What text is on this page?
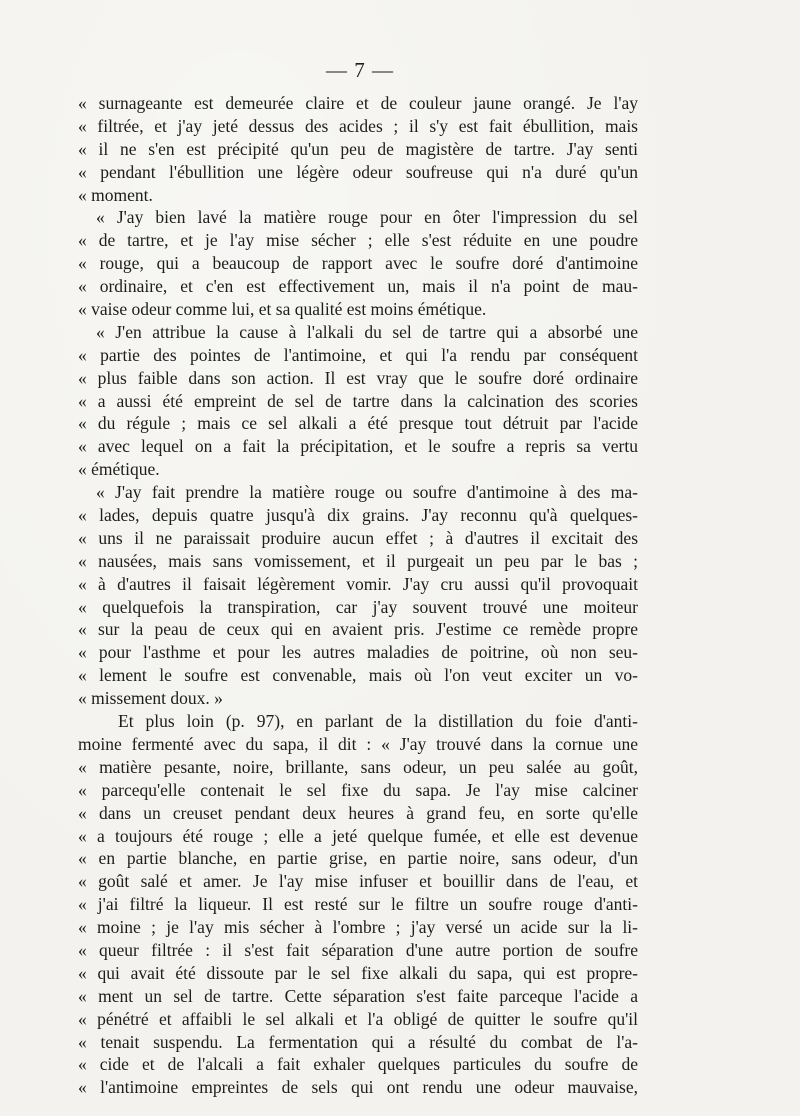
— 7 —
« surnageante est demeurée claire et de couleur jaune orangé. Je l'ay
« filtrée, et j'ay jeté dessus des acides ; il s'y est fait ébullition, mais
« il ne s'en est précipité qu'un peu de magistère de tartre. J'ay senti
« pendant l'ébullition une légère odeur soufreuse qui n'a duré qu'un
« moment.
« J'ay bien lavé la matière rouge pour en ôter l'impression du sel
« de tartre, et je l'ay mise sécher ; elle s'est réduite en une poudre
« rouge, qui a beaucoup de rapport avec le soufre doré d'antimoine
« ordinaire, et c'en est effectivement un, mais il n'a point de mau-
« vaise odeur comme lui, et sa qualité est moins émétique.
« J'en attribue la cause à l'alkali du sel de tartre qui a absorbé une
« partie des pointes de l'antimoine, et qui l'a rendu par conséquent
« plus faible dans son action. Il est vray que le soufre doré ordinaire
« a aussi été empreint de sel de tartre dans la calcination des scories
« du régule ; mais ce sel alkali a été presque tout détruit par l'acide
« avec lequel on a fait la précipitation, et le soufre a repris sa vertu
« émétique.
« J'ay fait prendre la matière rouge ou soufre d'antimoine à des ma-
« lades, depuis quatre jusqu'à dix grains. J'ay reconnu qu'à quelques-
« uns il ne paraissait produire aucun effet ; à d'autres il excitait des
« nausées, mais sans vomissement, et il purgeait un peu par le bas ;
« à d'autres il faisait légèrement vomir. J'ay cru aussi qu'il provoquait
« quelquefois la transpiration, car j'ay souvent trouvé une moiteur
« sur la peau de ceux qui en avaient pris. J'estime ce remède propre
« pour l'asthme et pour les autres maladies de poitrine, où non seu-
« lement le soufre est convenable, mais où l'on veut exciter un vo-
« missement doux. »
Et plus loin (p. 97), en parlant de la distillation du foie d'anti-
moine fermenté avec du sapa, il dit : « J'ay trouvé dans la cornue une
« matière pesante, noire, brillante, sans odeur, un peu salée au goût,
« parcequ'elle contenait le sel fixe du sapa. Je l'ay mise calciner
« dans un creuset pendant deux heures à grand feu, en sorte qu'elle
« a toujours été rouge ; elle a jeté quelque fumée, et elle est devenue
« en partie blanche, en partie grise, en partie noire, sans odeur, d'un
« goût salé et amer. Je l'ay mise infuser et bouillir dans de l'eau, et
« j'ai filtré la liqueur. Il est resté sur le filtre un soufre rouge d'anti-
« moine ; je l'ay mis sécher à l'ombre ; j'ay versé un acide sur la li-
« queur filtrée : il s'est fait séparation d'une autre portion de soufre
« qui avait été dissoute par le sel fixe alkali du sapa, qui est propre-
« ment un sel de tartre. Cette séparation s'est faite parceque l'acide a
« pénétré et affaibli le sel alkali et l'a obligé de quitter le soufre qu'il
« tenait suspendu. La fermentation qui a résulté du combat de l'a-
« cide et de l'alcali a fait exhaler quelques particules du soufre de
« l'antimoine empreintes de sels qui ont rendu une odeur mauvaise,
